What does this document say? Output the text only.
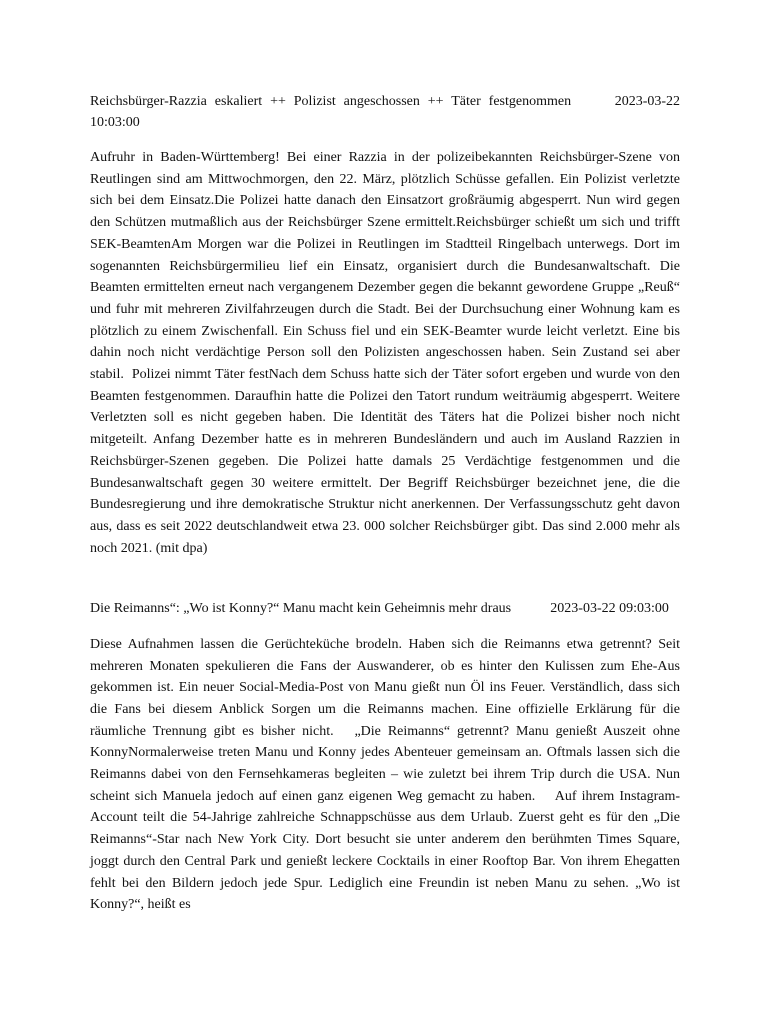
Reichsbürger-Razzia eskaliert ++ Polizist angeschossen ++ Täter festgenommen	2023-03-22 10:03:00

Aufruhr in Baden-Württemberg! Bei einer Razzia in der polizeibekannten Reichsbürger-Szene von Reutlingen sind am Mittwochmorgen, den 22. März, plötzlich Schüsse gefallen. Ein Polizist verletzte sich bei dem Einsatz.Die Polizei hatte danach den Einsatzort großräumig abgesperrt. Nun wird gegen den Schützen mutmaßlich aus der Reichsbürger Szene ermittelt.Reichsbürger schießt um sich und trifft SEK-BeamtenAm Morgen war die Polizei in Reutlingen im Stadtteil Ringelbach unterwegs. Dort im sogenannten Reichsbürgermilieu lief ein Einsatz, organisiert durch die Bundesanwaltschaft. Die Beamten ermittelten erneut nach vergangenem Dezember gegen die bekannt gewordene Gruppe „Reuß“ und fuhr mit mehreren Zivilfahrzeugen durch die Stadt. Bei der Durchsuchung einer Wohnung kam es plötzlich zu einem Zwischenfall. Ein Schuss fiel und ein SEK-Beamter wurde leicht verletzt. Eine bis dahin noch nicht verdächtige Person soll den Polizisten angeschossen haben. Sein Zustand sei aber stabil.  Polizei nimmt Täter festNach dem Schuss hatte sich der Täter sofort ergeben und wurde von den Beamten festgenommen. Daraufhin hatte die Polizei den Tatort rundum weiträumig abgesperrt. Weitere Verletzten soll es nicht gegeben haben. Die Identität des Täters hat die Polizei bisher noch nicht mitgeteilt. Anfang Dezember hatte es in mehreren Bundesländern und auch im Ausland Razzien in Reichsbürger-Szenen gegeben. Die Polizei hatte damals 25 Verdächtige festgenommen und die Bundesanwaltschaft gegen 30 weitere ermittelt. Der Begriff Reichsbürger bezeichnet jene, die die Bundesregierung und ihre demokratische Struktur nicht anerkennen. Der Verfassungsschutz geht davon aus, dass es seit 2022 deutschlandweit etwa 23. 000 solcher Reichsbürger gibt. Das sind 2.000 mehr als noch 2021. (mit dpa)

Die Reimanns“: „Wo ist Konny?“ Manu macht kein Geheimnis mehr draus	2023-03-22 09:03:00

Diese Aufnahmen lassen die Gerüchteküche brodeln. Haben sich die Reimanns etwa getrennt? Seit mehreren Monaten spekulieren die Fans der Auswanderer, ob es hinter den Kulissen zum Ehe-Aus gekommen ist. Ein neuer Social-Media-Post von Manu gießt nun Öl ins Feuer. Verständlich, dass sich die Fans bei diesem Anblick Sorgen um die Reimanns machen. Eine offizielle Erklärung für die räumliche Trennung gibt es bisher nicht.   „Die Reimanns“ getrennt? Manu genießt Auszeit ohne KonnyNormalerweise treten Manu und Konny jedes Abenteuer gemeinsam an. Oftmals lassen sich die Reimanns dabei von den Fernsehkameras begleiten – wie zuletzt bei ihrem Trip durch die USA. Nun scheint sich Manuela jedoch auf einen ganz eigenen Weg gemacht zu haben.    Auf ihrem Instagram-Account teilt die 54-Jahrige zahlreiche Schnappschüsse aus dem Urlaub. Zuerst geht es für den „Die Reimanns“-Star nach New York City. Dort besucht sie unter anderem den berühmten Times Square, joggt durch den Central Park und genießt leckere Cocktails in einer Rooftop Bar. Von ihrem Ehegatten fehlt bei den Bildern jedoch jede Spur. Lediglich eine Freundin ist neben Manu zu sehen. „Wo ist Konny?“, heißt es
